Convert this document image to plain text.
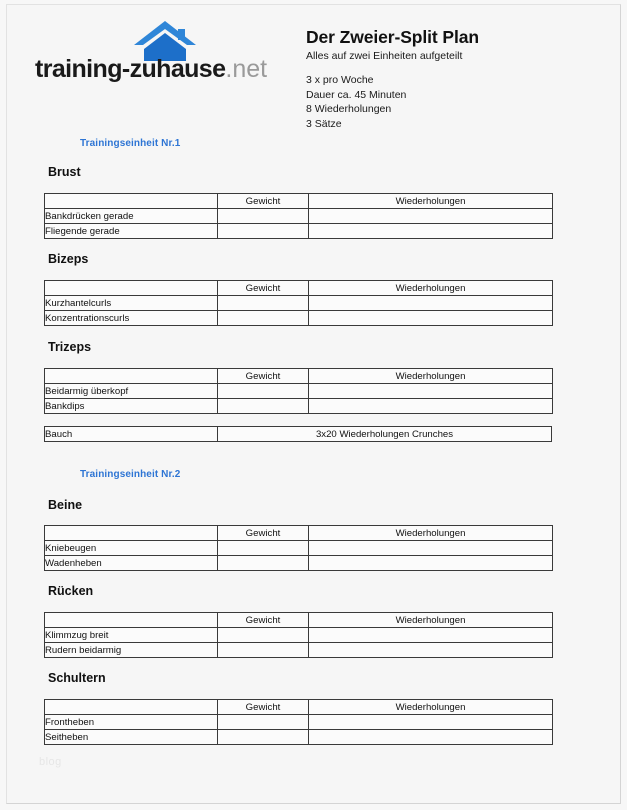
training-zuhause.net
Der Zweier-Split Plan
Alles auf zwei Einheiten aufgeteilt
3 x pro Woche
Dauer ca. 45 Minuten
8 Wiederholungen
3 Sätze
Trainingseinheit Nr.1
Brust
	Gewicht	Wiederholungen
Bankdrücken gerade		
Fliegende gerade		
Bizeps
	Gewicht	Wiederholungen
Kurzhantelcurls		
Konzentrationscurls		
Trizeps
	Gewicht	Wiederholungen
Beidarmig überkopf		
Bankdips		
Bauch	3x20 Wiederholungen Crunches
Trainingseinheit Nr.2
Beine
	Gewicht	Wiederholungen
Kniebeugen		
Wadenheben		
Rücken
	Gewicht	Wiederholungen
Klimmzug breit		
Rudern beidarmig		
Schultern
	Gewicht	Wiederholungen
Frontheben		
Seitheben		
blog
